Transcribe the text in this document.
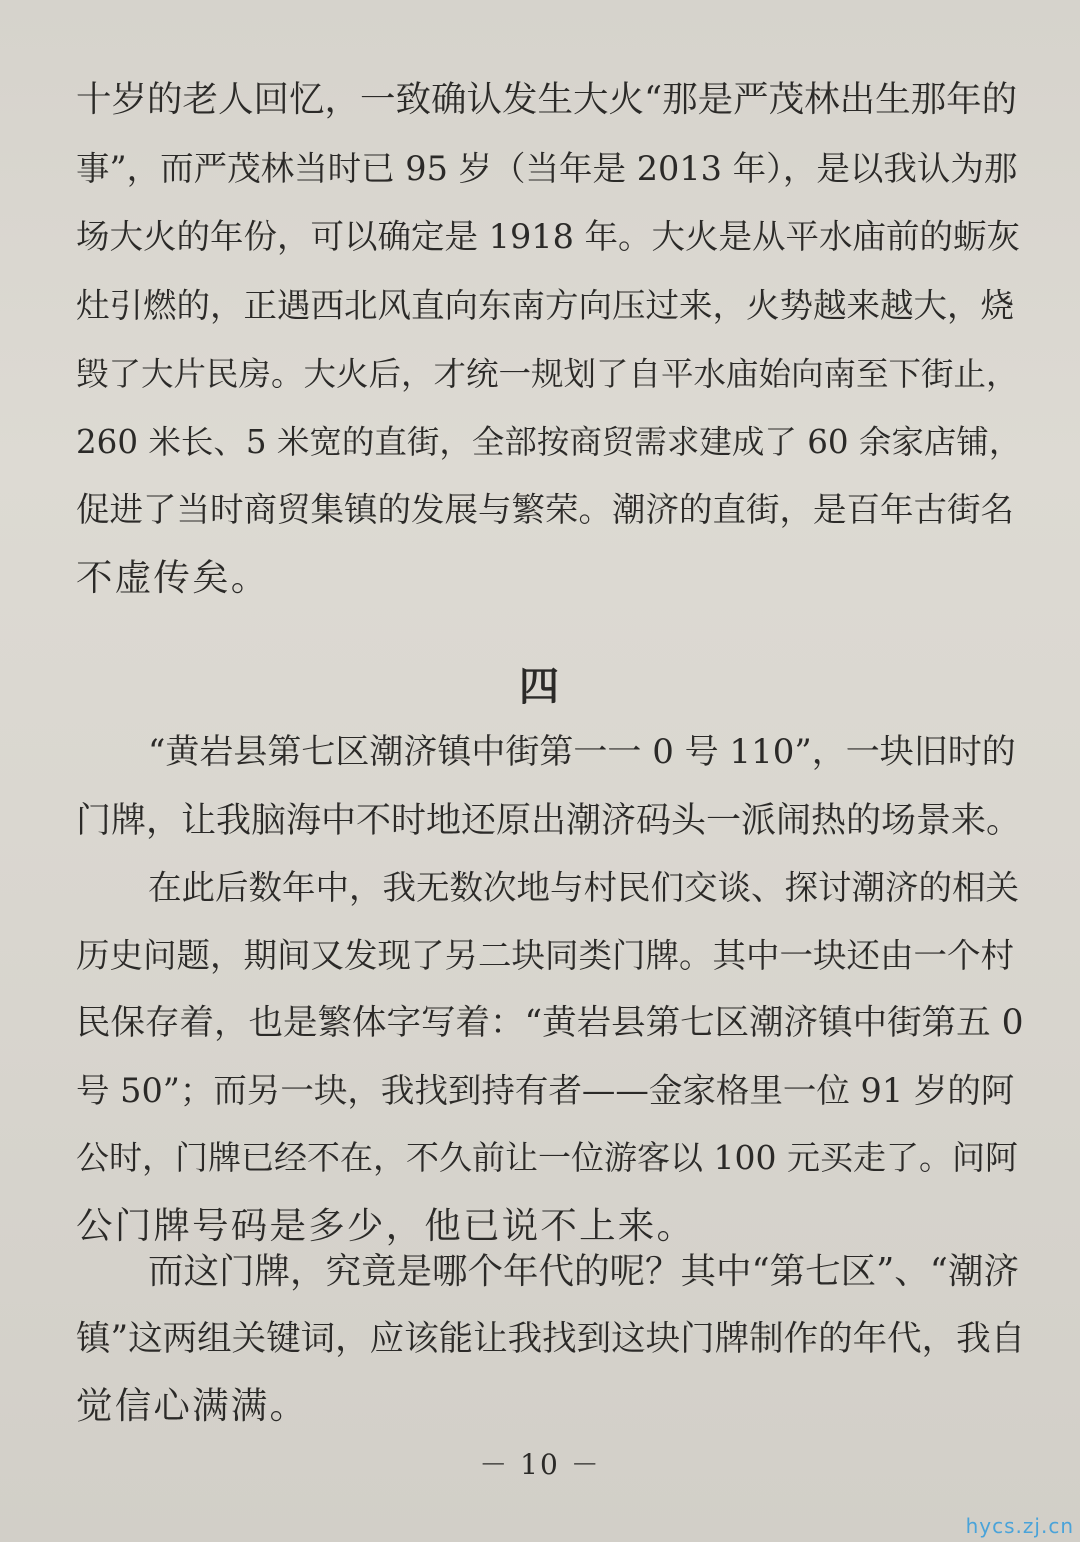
十岁的老人回忆，一致确认发生大火“那是严茂林出生那年的
事”，而严茂林当时已 95 岁（当年是 2013 年），是以我认为那
场大火的年份，可以确定是 1918 年。大火是从平水庙前的蛎灰
灶引燃的，正遇西北风直向东南方向压过来，火势越来越大，烧
毁了大片民房。大火后，才统一规划了自平水庙始向南至下街止，
260 米长、5 米宽的直街，全部按商贸需求建成了 60 余家店铺，
促进了当时商贸集镇的发展与繁荣。潮济的直街，是百年古街名
不虚传矣。
四
“黄岩县第七区潮济镇中街第一一 0 号 110”，一块旧时的
门牌，让我脑海中不时地还原出潮济码头一派闹热的场景来。
在此后数年中，我无数次地与村民们交谈、探讨潮济的相关
历史问题，期间又发现了另二块同类门牌。其中一块还由一个村
民保存着，也是繁体字写着：“黄岩县第七区潮济镇中街第五 0
号 50”；而另一块，我找到持有者——金家格里一位 91 岁的阿
公时，门牌已经不在，不久前让一位游客以 100 元买走了。问阿
公门牌号码是多少，他已说不上来。
而这门牌，究竟是哪个年代的呢？其中“第七区”、“潮济
镇”这两组关键词，应该能让我找到这块门牌制作的年代，我自
觉信心满满。
－ 10 －
hycs.zj.cn
